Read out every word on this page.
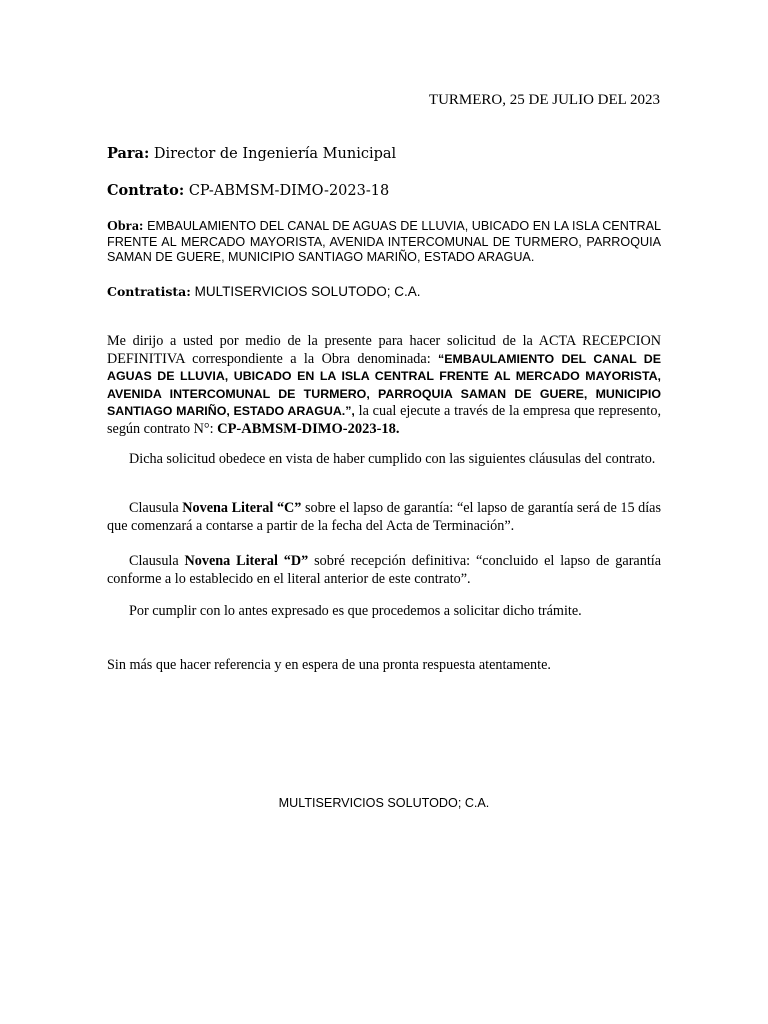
TURMERO, 25 DE JULIO DEL 2023
Para: Director de Ingeniería Municipal
Contrato: CP-ABMSM-DIMO-2023-18
Obra: EMBAULAMIENTO DEL CANAL DE AGUAS DE LLUVIA, UBICADO EN LA ISLA CENTRAL FRENTE AL MERCADO MAYORISTA, AVENIDA INTERCOMUNAL DE TURMERO, PARROQUIA SAMAN DE GUERE, MUNICIPIO SANTIAGO MARIÑO, ESTADO ARAGUA.
Contratista: MULTISERVICIOS SOLUTODO; C.A.
Me dirijo a usted por medio de la presente para hacer solicitud de la ACTA RECEPCION DEFINITIVA correspondiente a la Obra denominada: “EMBAULAMIENTO DEL CANAL DE AGUAS DE LLUVIA, UBICADO EN LA ISLA CENTRAL FRENTE AL MERCADO MAYORISTA, AVENIDA INTERCOMUNAL DE TURMERO, PARROQUIA SAMAN DE GUERE, MUNICIPIO SANTIAGO MARIÑO, ESTADO ARAGUA.”, la cual ejecute a través de la empresa que represento, según contrato N°: CP-ABMSM-DIMO-2023-18.
Dicha solicitud obedece en vista de haber cumplido con las siguientes cláusulas del contrato.
Clausula Novena Literal “C” sobre el lapso de garantía: “el lapso de garantía será de 15 días que comenzará a contarse a partir de la fecha del Acta de Terminación”.
Clausula Novena Literal “D” sobré recepción definitiva: “concluido el lapso de garantía conforme a lo establecido en el literal anterior de este contrato”.
Por cumplir con lo antes expresado es que procedemos a solicitar dicho trámite.
Sin más que hacer referencia y en espera de una pronta respuesta atentamente.
MULTISERVICIOS SOLUTODO; C.A.
